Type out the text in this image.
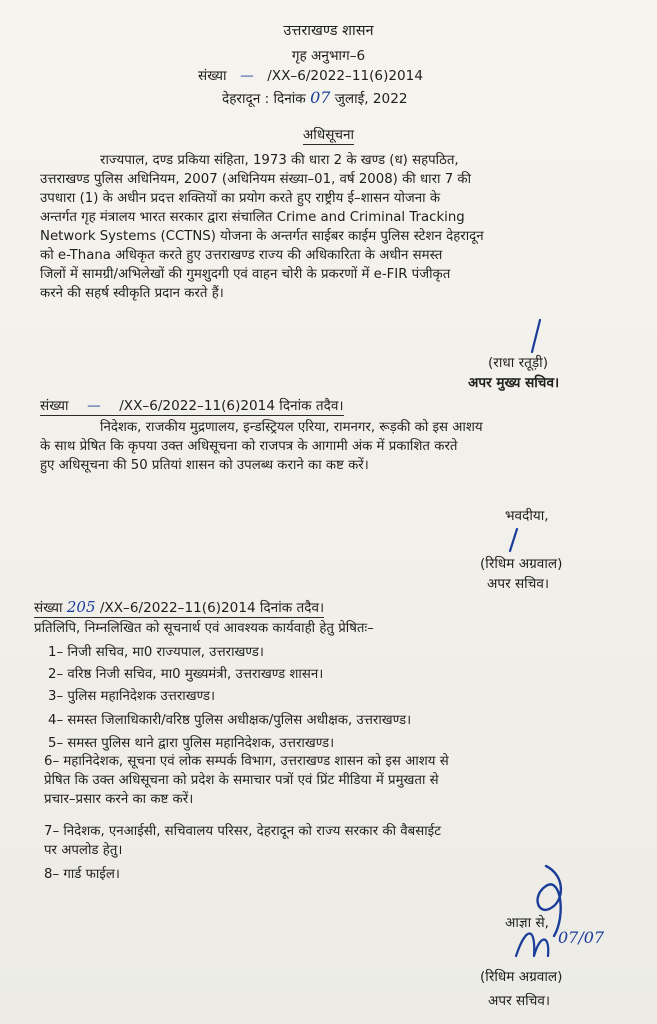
उत्तराखण्ड शासन
गृह अनुभाग–6
संख्या — /XX–6/2022–11(6)2014
देहरादून : दिनांक 07 जुलाई, 2022
अधिसूचना
राज्यपाल, दण्ड प्रकिया संहिता, 1973 की धारा 2 के खण्ड (ध) सहपठित,
उत्तराखण्ड पुलिस अधिनियम, 2007 (अधिनियम संख्या–01, वर्ष 2008) की धारा 7 की
उपधारा (1) के अधीन प्रदत्त शक्तियों का प्रयोग करते हुए राष्ट्रीय ई–शासन योजना के
अन्तर्गत गृह मंत्रालय भारत सरकार द्वारा संचालित Crime and Criminal Tracking
Network Systems (CCTNS) योजना के अन्तर्गत साईबर काईम पुलिस स्टेशन देहरादून
को e-Thana अधिकृत करते हुए उत्तराखण्ड राज्य की अधिकारिता के अधीन समस्त
जिलों में सामग्री/अभिलेखों की गुमशुदगी एवं वाहन चोरी के प्रकरणों में e-FIR पंजीकृत
करने की सहर्ष स्वीकृति प्रदान करते हैं।
(राधा रतूड़ी)
अपर मुख्य सचिव।
संख्या — /XX–6/2022–11(6)2014 दिनांक तदैव।
निदेशक, राजकीय मुद्रणालय, इन्डस्ट्रियल एरिया, रामनगर, रूड़की को इस आशय
के साथ प्रेषित कि कृपया उक्त अधिसूचना को राजपत्र के आगामी अंक में प्रकाशित करते
हुए अधिसूचना की 50 प्रतियां शासन को उपलब्ध कराने का कष्ट करें।
भवदीया,
(रिधिम अग्रवाल)
अपर सचिव।
संख्या 205 /XX–6/2022–11(6)2014 दिनांक तदैव।
प्रतिलिपि, निम्नलिखित को सूचनार्थ एवं आवश्यक कार्यवाही हेतु प्रेषितः–
1– निजी सचिव, मा0 राज्यपाल, उत्तराखण्ड।
2– वरिष्ठ निजी सचिव, मा0 मुख्यमंत्री, उत्तराखण्ड शासन।
3– पुलिस महानिदेशक उत्तराखण्ड।
4– समस्त जिलाधिकारी/वरिष्ठ पुलिस अधीक्षक/पुलिस अधीक्षक, उत्तराखण्ड।
5– समस्त पुलिस थाने द्वारा पुलिस महानिदेशक, उत्तराखण्ड।
6– महानिदेशक, सूचना एवं लोक सम्पर्क विभाग, उत्तराखण्ड शासन को इस आशय से
प्रेषित कि उक्त अधिसूचना को प्रदेश के समाचार पत्रों एवं प्रिंट मीडिया में प्रमुखता से
प्रचार–प्रसार करने का कष्ट करें।
7– निदेशक, एनआईसी, सचिवालय परिसर, देहरादून को राज्य सरकार की वैबसाईट
पर अपलोड हेतु।
8– गार्ड फाईल।
आज्ञा से,
07/07
(रिधिम अग्रवाल)
अपर सचिव।
